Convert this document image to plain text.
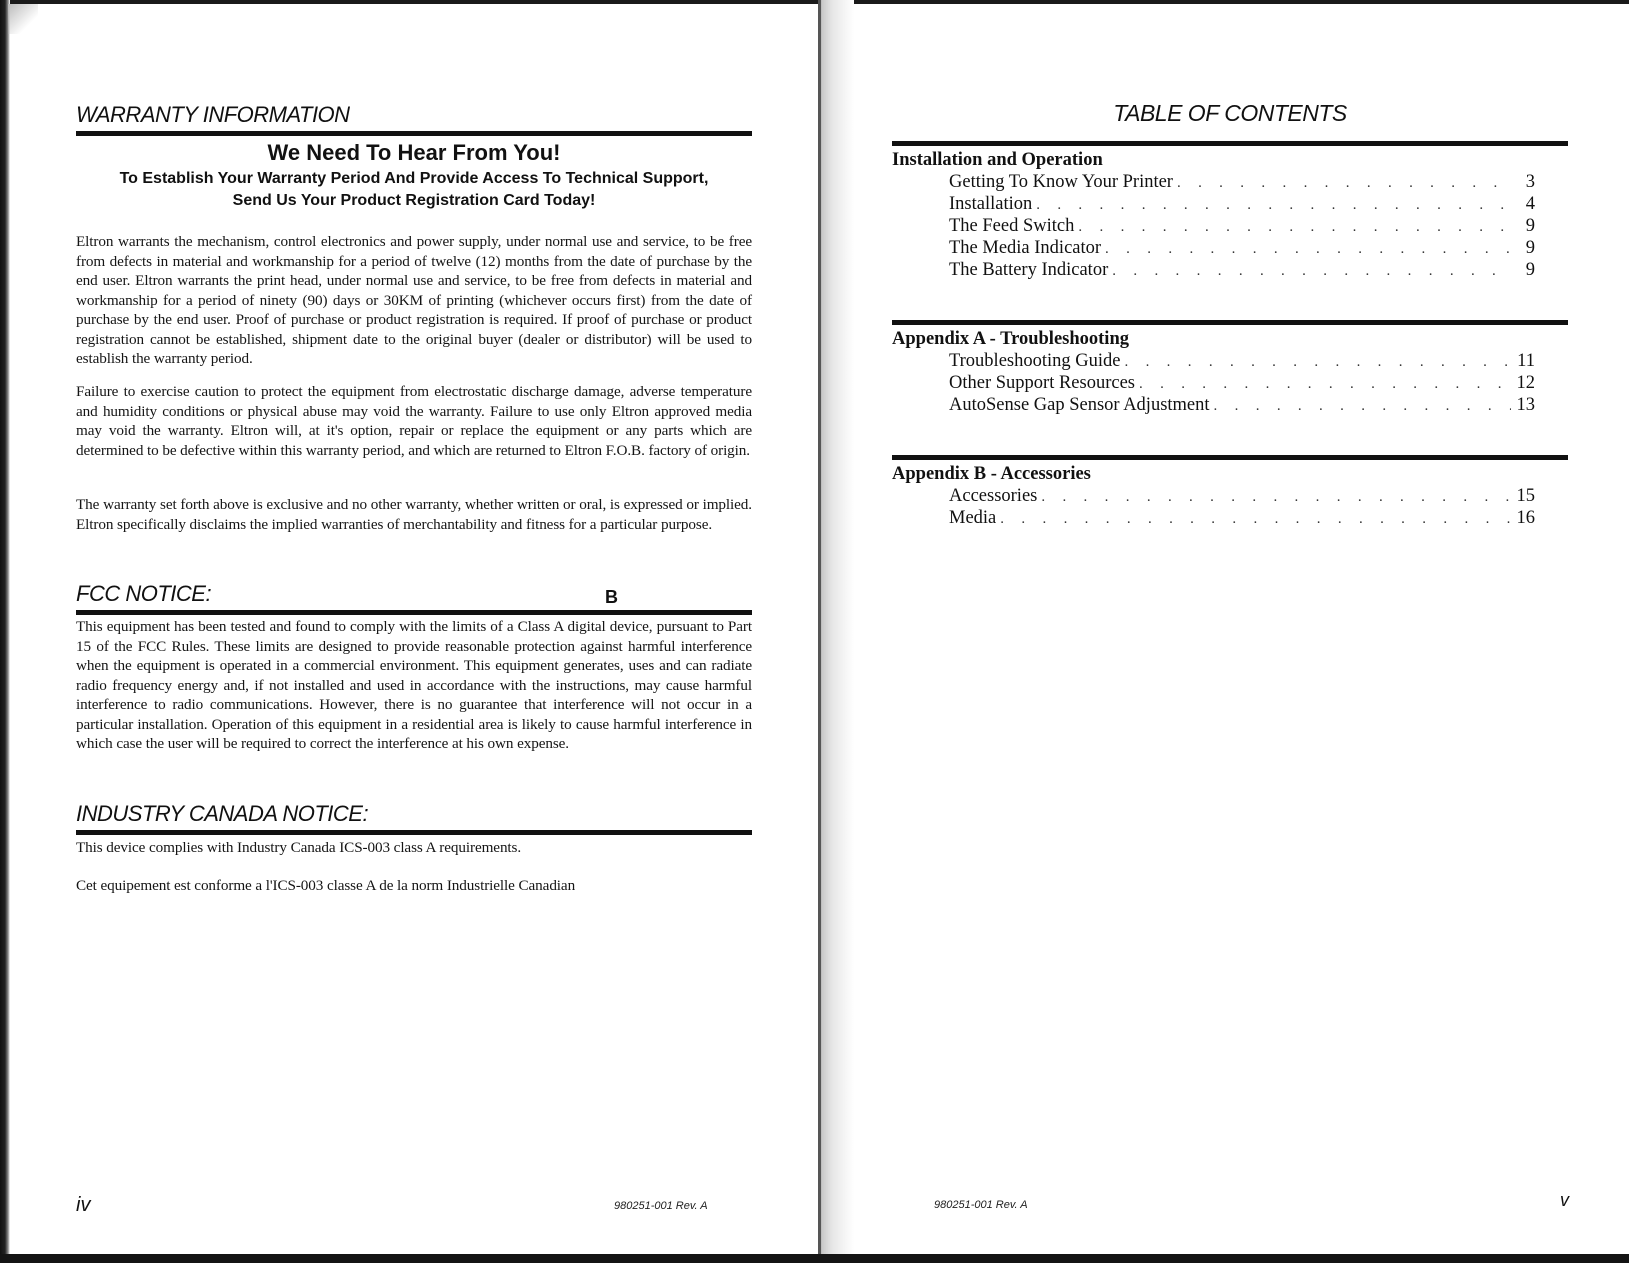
WARRANTY INFORMATION
We Need To Hear From You!
To Establish Your Warranty Period And Provide Access To Technical Support,
Send Us Your Product Registration Card Today!

Eltron warrants the mechanism, control electronics and power supply, under normal use and service, to be free from defects in material and workmanship for a period of twelve (12) months from the date of purchase by the end user. Eltron warrants the print head, under normal use and service, to be free from defects in material and workmanship for a period of ninety (90) days or 30KM of printing (whichever occurs first) from the date of purchase by the end user. Proof of purchase or product registration is required. If proof of purchase or product registration cannot be established, shipment date to the original buyer (dealer or distributor) will be used to establish the warranty period.

Failure to exercise caution to protect the equipment from electrostatic discharge damage, adverse temperature and humidity conditions or physical abuse may void the warranty. Failure to use only Eltron approved media may void the warranty. Eltron will, at it's option, repair or replace the equipment or any parts which are determined to be defective within this warranty period, and which are returned to Eltron F.O.B. factory of origin.

The warranty set forth above is exclusive and no other warranty, whether written or oral, is expressed or implied. Eltron specifically disclaims the implied warranties of merchantability and fitness for a particular purpose.

FCC NOTICE:	B

This equipment has been tested and found to comply with the limits of a Class A digital device, pursuant to Part 15 of the FCC Rules. These limits are designed to provide reasonable protection against harmful interference when the equipment is operated in a commercial environment. This equipment generates, uses and can radiate radio frequency energy and, if not installed and used in accordance with the instructions, may cause harmful interference to radio communications. However, there is no guarantee that interference will not occur in a particular installation. Operation of this equipment in a residential area is likely to cause harmful interference in which case the user will be required to correct the interference at his own expense.

INDUSTRY CANADA NOTICE:

This device complies with Industry Canada ICS-003 class A requirements.

Cet equipement est conforme a l'ICS-003 classe A de la norm Industrielle Canadian

iv	980251-001 Rev. A
TABLE OF CONTENTS
Installation and Operation
Getting To Know Your Printer . . .	3
Installation . . .	4
The Feed Switch . . .	9
The Media Indicator . . .	9
The Battery Indicator . . .	9
Appendix A - Troubleshooting
Troubleshooting Guide . . .	11
Other Support Resources . . .	12
AutoSense Gap Sensor Adjustment . . .	13
Appendix B - Accessories
Accessories . . .	15
Media . . .	16
980251-001 Rev. A	v
